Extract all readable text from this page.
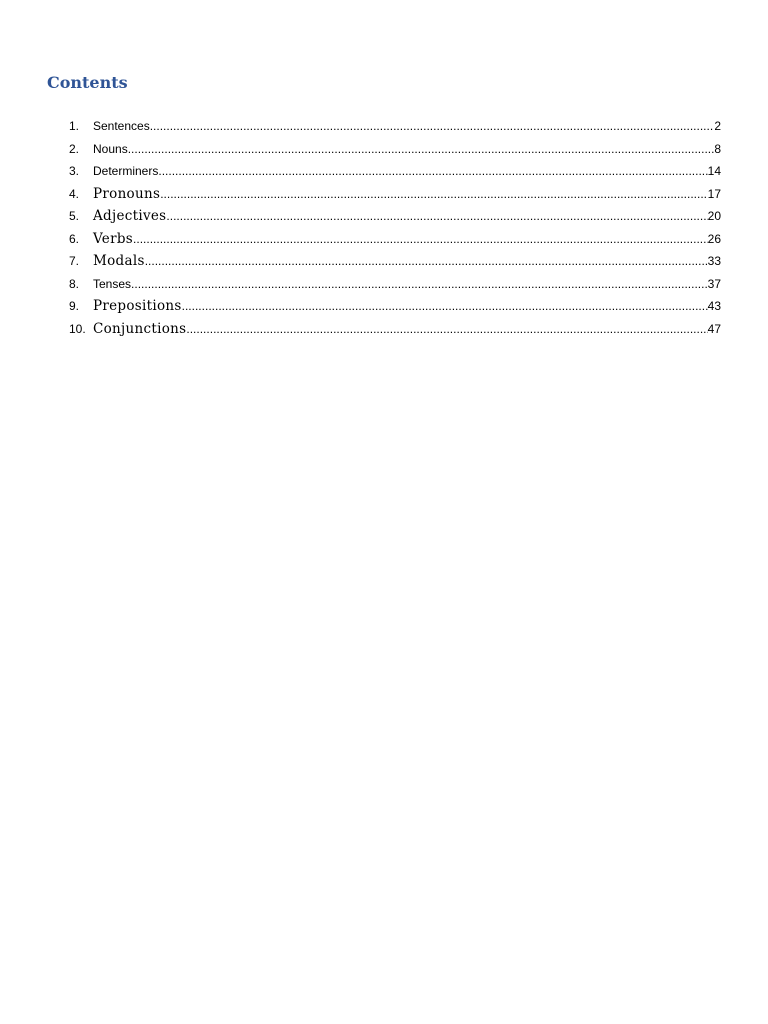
Contents
1.	Sentences .....	2
2.	Nouns .....	8
3.	Determiners .....	14
4.	Pronouns .....	17
5.	Adjectives .....	20
6.	Verbs .....	26
7.	Modals .....	33
8.	Tenses .....	37
9.	Prepositions .....	43
10. Conjunctions .....	47
